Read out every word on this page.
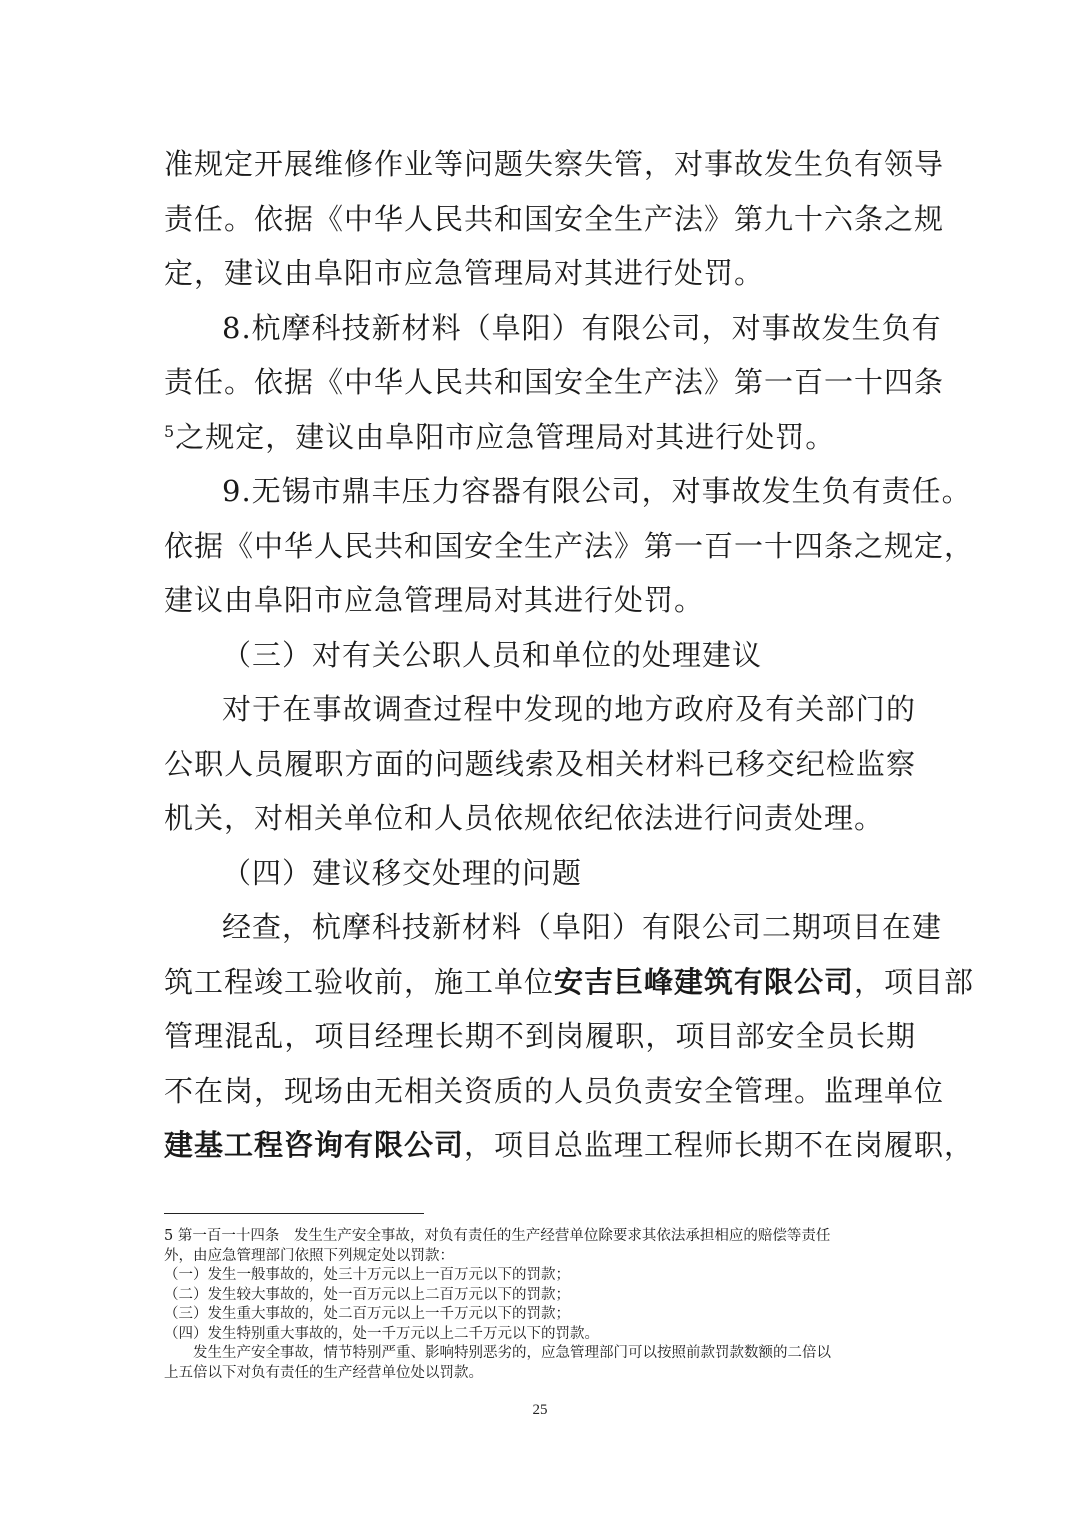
准规定开展维修作业等问题失察失管，对事故发生负有领导
责任。依据《中华人民共和国安全生产法》第九十六条之规
定，建议由阜阳市应急管理局对其进行处罚。
8.杭摩科技新材料（阜阳）有限公司，对事故发生负有
责任。依据《中华人民共和国安全生产法》第一百一十四条
$^5$之规定，建议由阜阳市应急管理局对其进行处罚。
9.无锡市鼎丰压力容器有限公司，对事故发生负有责任。
依据《中华人民共和国安全生产法》第一百一十四条之规定，
建议由阜阳市应急管理局对其进行处罚。
（三）对有关公职人员和单位的处理建议
对于在事故调查过程中发现的地方政府及有关部门的
公职人员履职方面的问题线索及相关材料已移交纪检监察
机关，对相关单位和人员依规依纪依法进行问责处理。
（四）建议移交处理的问题
经查，杭摩科技新材料（阜阳）有限公司二期项目在建
筑工程竣工验收前，施工单位安吉巨峰建筑有限公司，项目部
管理混乱，项目经理长期不到岗履职，项目部安全员长期
不在岗，现场由无相关资质的人员负责安全管理。监理单位
建基工程咨询有限公司，项目总监理工程师长期不在岗履职，
5 第一百一十四条　发生生产安全事故，对负有责任的生产经营单位除要求其依法承担相应的赔偿等责任
外，由应急管理部门依照下列规定处以罚款：
（一）发生一般事故的，处三十万元以上一百万元以下的罚款；
（二）发生较大事故的，处一百万元以上二百万元以下的罚款；
（三）发生重大事故的，处二百万元以上一千万元以下的罚款；
（四）发生特别重大事故的，处一千万元以上二千万元以下的罚款。
发生生产安全事故，情节特别严重、影响特别恶劣的，应急管理部门可以按照前款罚款数额的二倍以
上五倍以下对负有责任的生产经营单位处以罚款。
25
